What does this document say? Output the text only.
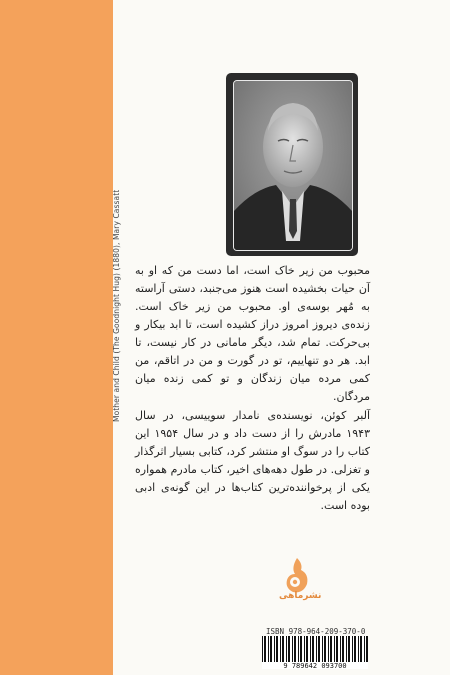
محبوب من زیر خاک است، اما دست من که او به آن حیات بخشیده است هنوز می‌جنبد، دستی آراسته به مُهر بوسه‌ی او. محبوب من زیر خاک است. زنده‌ی دیروز امروز دراز کشیده است، تا ابد بیکار و بی‌حرکت. تمام شد، دیگر مامانی در کار نیست، تا ابد. هر دو تنهاییم، تو در گورت و من در اتاقم، من کمی مرده میان زندگان و تو کمی زنده میان مردگان.
آلبر کوئن، نویسنده‌ی نامدار سوییسی، در سال ۱۹۴۳ مادرش را از دست داد و در سال ۱۹۵۴ این کتاب را در سوگ او منتشر کرد، کتابی بسیار اثرگذار و تغزلی. در طول دهه‌های اخیر، کتاب مادرم همواره یکی از پرخواننده‌ترین کتاب‌ها در این گونه‌ی ادبی بوده است.
Mother and Child (The Goodnight Hug) (1880), Mary Cassatt
نشرماهی
ISBN 978-964-209-370-0
9 789642 093700
